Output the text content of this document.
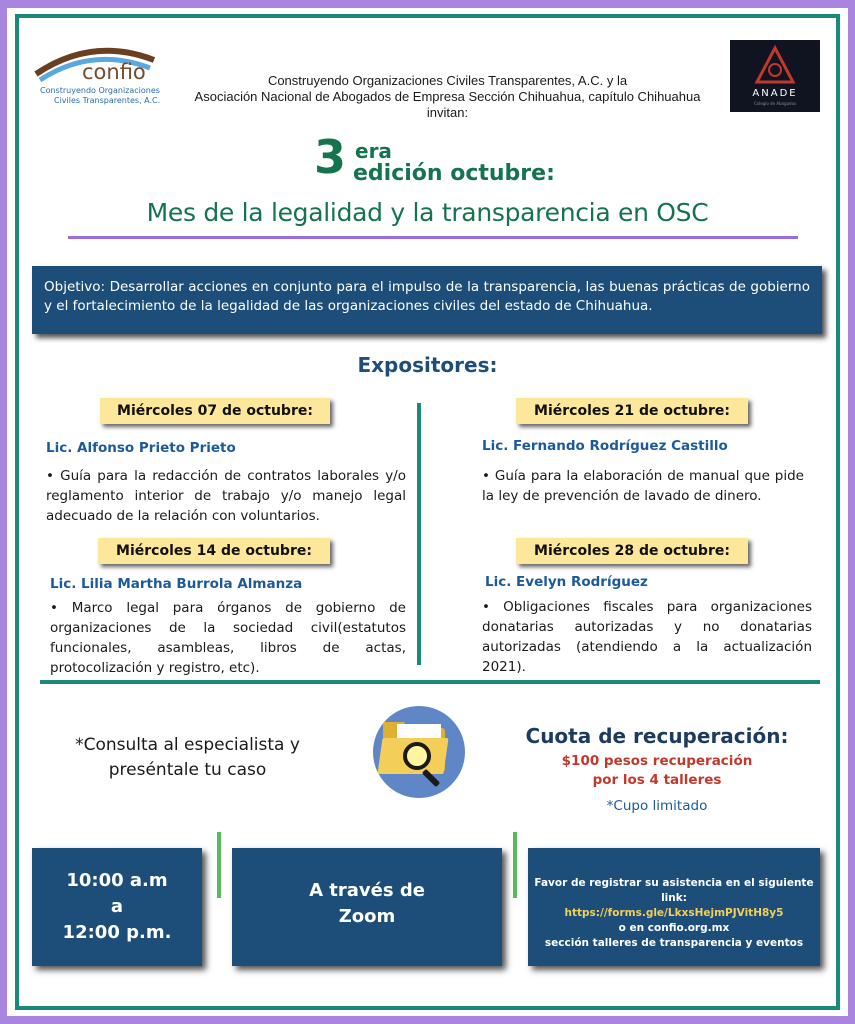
confio
Construyendo Organizaciones
Civiles Transparentes, A.C.
ANADE
Colegio de Abogados
Construyendo Organizaciones Civiles Transparentes, A.C. y la
Asociación Nacional de Abogados de Empresa Sección Chihuahua, capítulo Chihuahua
invitan:
3 era
edición octubre:
Mes de la legalidad y la transparencia en OSC
Objetivo: Desarrollar acciones en conjunto para el impulso de la transparencia, las buenas prácticas de gobierno y el fortalecimiento de la legalidad de las organizaciones civiles del estado de Chihuahua.
Expositores:
Miércoles 07 de octubre:
Lic. Alfonso Prieto Prieto
• Guía para la redacción de contratos laborales y/o reglamento interior de trabajo y/o manejo legal adecuado de la relación con voluntarios.
Miércoles 14 de octubre:
Lic. Lilia Martha Burrola Almanza
• Marco legal para órganos de gobierno de organizaciones de la sociedad civil(estatutos funcionales, asambleas, libros de actas, protocolización y registro, etc).
Miércoles 21 de octubre:
Lic. Fernando Rodríguez Castillo
• Guía para la elaboración de manual que pide la ley de prevención de lavado de dinero.
Miércoles 28 de octubre:
Lic. Evelyn Rodríguez
• Obligaciones fiscales para organizaciones donatarias autorizadas y no donatarias autorizadas (atendiendo a la actualización 2021).
*Consulta al especialista y
preséntale tu caso
Cuota de recuperación:
$100 pesos recuperación
por los 4 talleres
*Cupo limitado
10:00 a.m
a
12:00 p.m.
A través de
Zoom
Favor de registrar su asistencia en el siguiente link:
https://forms.gle/LkxsHejmPJVitH8y5
o en confio.org.mx
sección talleres de transparencia y eventos
